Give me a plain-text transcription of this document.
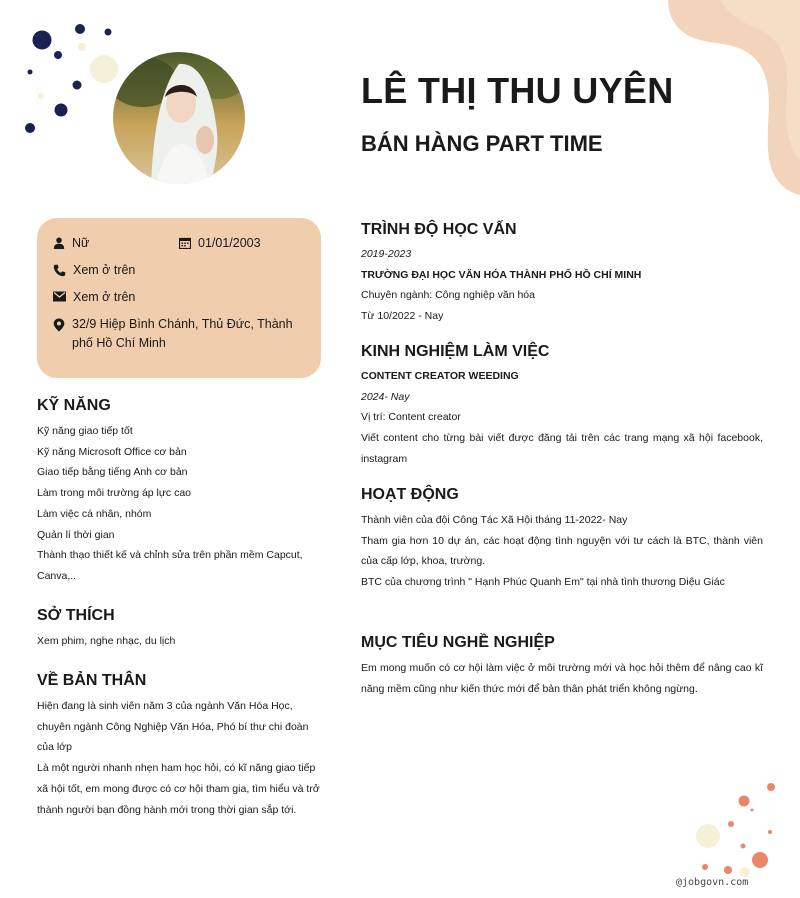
LÊ THỊ THU UYÊN
BÁN HÀNG PART TIME
Nữ	01/01/2003
Xem ở trên
Xem ở trên
32/9 Hiệp Bình Chánh, Thủ Đức, Thành phố Hồ Chí Minh
KỸ NĂNG
Kỹ năng giao tiếp tốt
Kỹ năng Microsoft Office cơ bản
Giao tiếp bằng tiếng Anh cơ bản
Làm trong môi trường áp lực cao
Làm việc cá nhân, nhóm
Quản lí thời gian
Thành thạo thiết kế và chỉnh sửa trên phần mềm Capcut, Canva,..
SỞ THÍCH

Xem phim, nghe nhạc, du lịch

VỀ BẢN THÂN

Hiện đang là sinh viên năm 3 của ngành Văn Hóa Học, chuyên ngành Công Nghiệp Văn Hóa, Phó bí thư chi đoàn của lớp

Là một người nhanh nhẹn ham học hỏi, có kĩ năng giao tiếp xã hội tốt, em mong được có cơ hội tham gia, tìm hiểu và trở thành người bạn đồng hành mới trong thời gian sắp tới.

TRÌNH ĐỘ HỌC VẤN
2019-2023
TRƯỜNG ĐẠI HỌC VĂN HÓA THÀNH PHỐ HỒ CHÍ MINH
Chuyên ngành: Công nghiệp văn hóa
Từ 10/2022 - Nay
KINH NGHIỆM LÀM VIỆC
CONTENT CREATOR WEEDING
2024- Nay
Vị trí: Content creator
Viết content cho từng bài viết được đăng tải trên các trang mạng xã hội facebook, instagram
HOẠT ĐỘNG
Thành viên của đội Công Tác Xã Hội tháng 11-2022- Nay
Tham gia hơn 10 dự án, các hoạt động tình nguyện với tư cách là BTC, thành viên của cấp lớp, khoa, trường.
BTC của chương trình " Hạnh Phúc Quanh Em" tại nhà tình thương Diệu Giác
MỤC TIÊU NGHỀ NGHIỆP

Em mong muốn có cơ hội làm việc ở môi trường mới và học hỏi thêm để nâng cao kĩ năng mềm cũng như kiến thức mới để bản thân phát triển không ngừng.

@jobgovn.com
